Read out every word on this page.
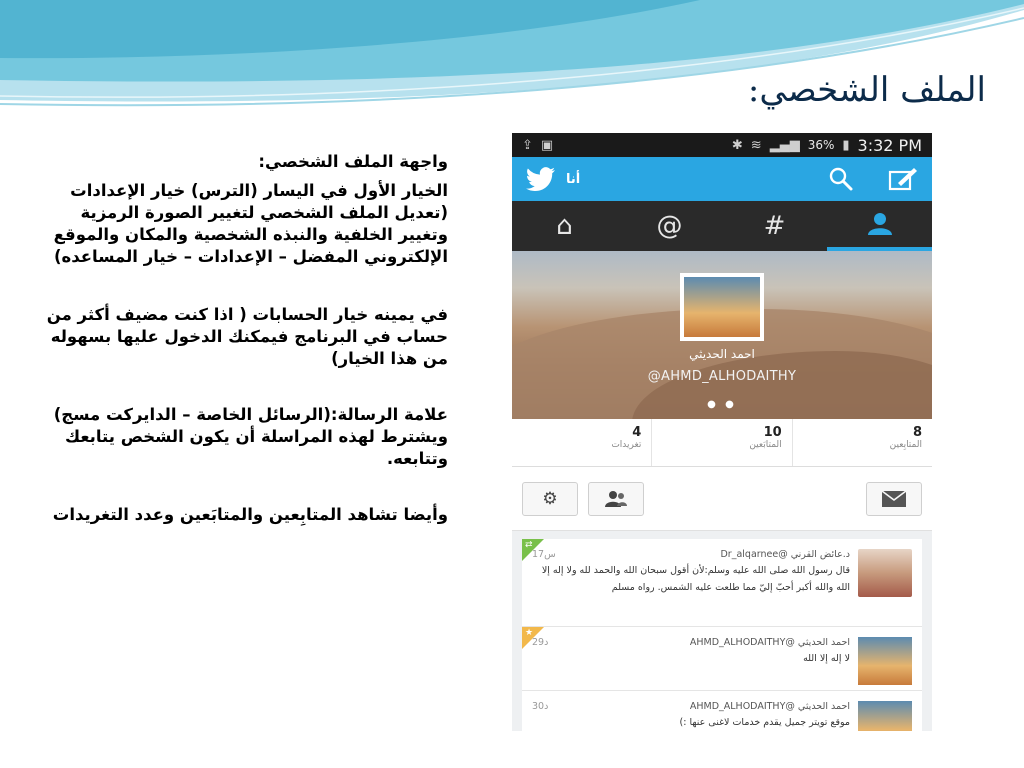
الملف الشخصي:
واجهة الملف الشخصي:
الخيار الأول في اليسار (الترس) خيار الإعدادات (تعديل الملف الشخصي لتغيير الصورة الرمزية وتغيير الخلفية والنبذه الشخصية والمكان والموقع الإلكتروني المفضل – الإعدادات – خيار المساعده)
في يمينه خيار الحسابات ( اذا كنت مضيف أكثر من حساب في البرنامج فيمكنك الدخول عليها بسهوله من هذا الخيار)
علامة الرسالة:(الرسائل الخاصة – الدايركت مسج) ويشترط لهذه المراسلة أن يكون الشخص يتابعك وتتابعه.
وأيضا تشاهد المتابِعين والمتابَعين وعدد التغريدات
⇪ ▣	✱ ≋ ▂▄▆ 36% ▮ 3:32 PM
أنا
⌂	@	#
احمد الحديثي
@AHMD_ALHODAITHY
● ●
4
تغريدات
10
المتابَعين
8
المتابِعين
⚙
⇄
د.عائض القرني @Dr_alqarnee
17س
قال رسول الله صلى الله عليه وسلم:لأن أقول سبحان الله والحمد لله ولا إله إلا الله والله أكبر أحبّ إليّ مما طلعت عليه الشمس. رواه مسلم
★
احمد الحديثي @AHMD_ALHODAITHY
29د
لا إله إلا الله
احمد الحديثي @AHMD_ALHODAITHY
30د
موقع تويتر جميل يقدم خدمات لاغنى عنها :)
